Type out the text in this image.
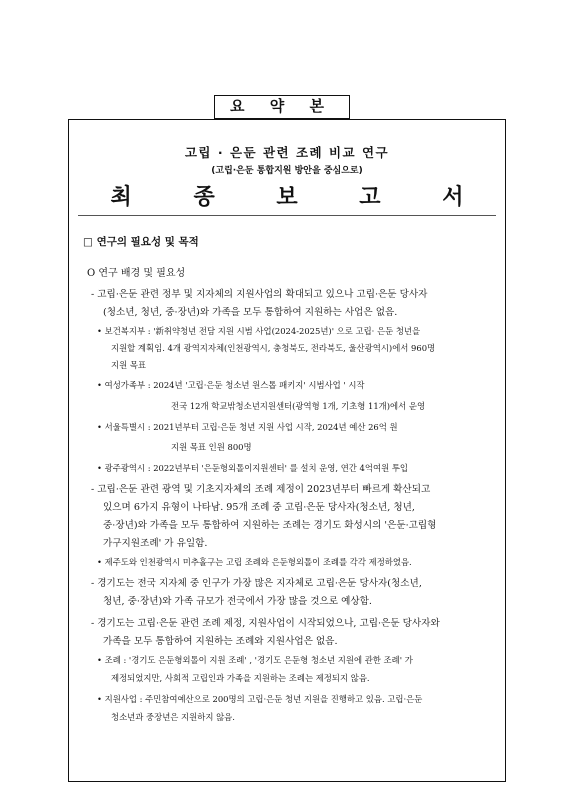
요 약 본
고립 · 은둔 관련 조례 비교 연구
(고립·은둔 통합지원 방안을 중심으로)
최 종 보 고 서
□ 연구의 필요성 및 목적
O 연구 배경 및 필요성
- 고립·은둔 관련 정부 및 지자체의 지원사업의 확대되고 있으나 고립·은둔 당사자
(청소년, 청년, 중·장년)와 가족을 모두 통합하여 지원하는 사업은 없음.
• 보건복지부 : '新취약청년 전담 지원 시범 사업(2024-2025년)' 으로 고립· 은둔 청년을
지원할 계획임. 4개 광역지자체(인천광역시, 충청북도, 전라북도, 울산광역시)에서 960명
지원 목표
• 여성가족부 : 2024년 '고립·은둔 청소년 원스톱 패키지' 시범사업 ' 시작
전국 12개 학교밖청소년지원센터(광역형 1개, 기초형 11개)에서 운영
• 서울특별시 : 2021년부터 고립·은둔 청년 지원 사업 시작, 2024년 예산 26억 원
지원 목표 인원 800명
• 광주광역시 : 2022년부터 '은둔형외톨이지원센터' 를 설치 운영, 연간 4억여원 투입
- 고립·은둔 관련 광역 및 기초지자체의 조례 제정이 2023년부터 빠르게 확산되고
있으며 6가지 유형이 나타남. 95개 조례 중 고립·은둔 당사자(청소년, 청년,
중·장년)와 가족을 모두 통합하여 지원하는 조례는 경기도 화성시의 '은둔·고립형
가구지원조례' 가 유일함.
• 제주도와 인천광역시 미추홀구는 고립 조례와 은둔형외톨이 조례를 각각 제정하였음.
- 경기도는 전국 지자체 중 인구가 가장 많은 지자체로 고립·은둔 당사자(청소년,
청년, 중·장년)와 가족 규모가 전국에서 가장 많을 것으로 예상함.
- 경기도는 고립·은둔 관련 조례 제정, 지원사업이 시작되었으나, 고립·은둔 당사자와
가족을 모두 통합하여 지원하는 조례와 지원사업은 없음.
• 조례 : '경기도 은둔형외톨이 지원 조례' , '경기도 은둔형 청소년 지원에 관한 조례' 가
제정되었지만, 사회적 고립인과 가족을 지원하는 조례는 제정되지 않음.
• 지원사업 : 주민참여예산으로 200명의 고립·은둔 청년 지원을 진행하고 있음. 고립·은둔
청소년과 중장년은 지원하지 않음.
